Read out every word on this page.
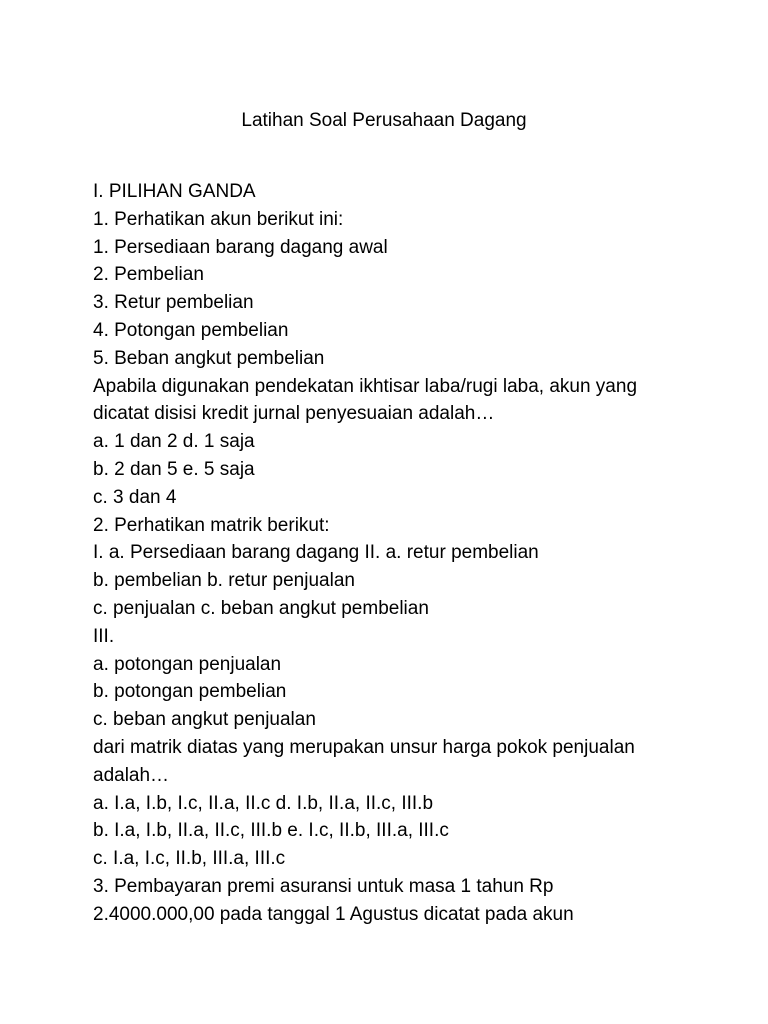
Latihan Soal Perusahaan Dagang
I. PILIHAN GANDA
1. Perhatikan akun berikut ini:
1. Persediaan barang dagang awal
2. Pembelian
3. Retur pembelian
4. Potongan pembelian
5. Beban angkut pembelian
Apabila digunakan pendekatan ikhtisar laba/rugi laba, akun yang
dicatat disisi kredit jurnal penyesuaian adalah…
a. 1 dan 2 d. 1 saja
b. 2 dan 5 e. 5 saja
c. 3 dan 4
2. Perhatikan matrik berikut:
I. a. Persediaan barang dagang II. a. retur pembelian
b. pembelian b. retur penjualan
c. penjualan c. beban angkut pembelian
III.
a. potongan penjualan
b. potongan pembelian
c. beban angkut penjualan
dari matrik diatas yang merupakan unsur harga pokok penjualan
adalah…
a. I.a, I.b, I.c, II.a, II.c d. I.b, II.a, II.c, III.b
b. I.a, I.b, II.a, II.c, III.b e. I.c, II.b, III.a, III.c
c. I.a, I.c, II.b, III.a, III.c
3. Pembayaran premi asuransi untuk masa 1 tahun Rp
2.4000.000,00 pada tanggal 1 Agustus dicatat pada akun
